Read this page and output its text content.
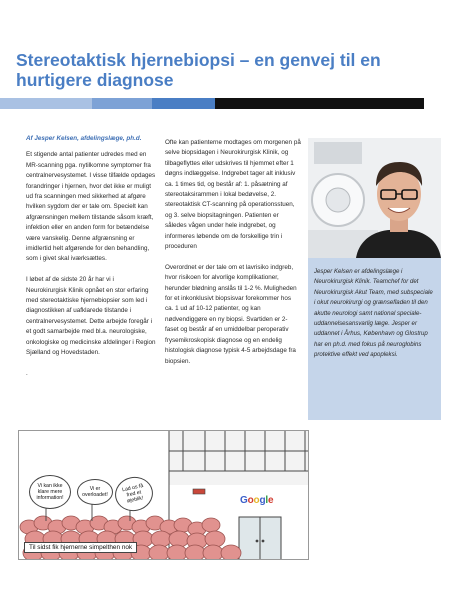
Stereotaktisk hjernebiopsi – en genvej til en hurtigere diagnose

Af Jesper Kelsen, afdelingslæge, ph.d.

Et stigende antal patienter udredes med en MR-scanning pga. nytilkomne symptomer fra centralnervesystemet. I visse tilfælde opdages forandringer i hjernen, hvor det ikke er muligt ud fra scanningen med sikkerhed at afgøre hvilken sygdom der er tale om. Specielt kan afgrænsningen mellem tilstande såsom kræft, infektion eller en anden form for betændelse være vanskelig. Denne afgrænsning er imidlertid helt afgørende for den behandling, som i givet skal iværksættes.

I løbet af de sidste 20 år har vi i Neurokirurgisk Klinik opnået en stor erfaring med stereotaktiske hjernebiopsier som led i diagnostikken af uafklarede tilstande i centralnervesystemet. Dette arbejde foregår i et godt samarbejde med bl.a. neurologiske, onkologiske og medicinske afdelinger i Region Sjælland og Hovedstaden.

.

Ofte kan patienterne modtages om morgenen på selve biopsidagen i Neurokirurgisk Klinik, og tilbageflyttes eller udskrives til hjemmet efter 1 døgns indlæggelse. Indgrebet tager alt inklusiv ca. 1 times tid, og består af: 1. påsætning af stereotaksirammen i lokal bedøvelse, 2. stereotaktisk CT-scanning på operationsstuen, og 3. selve biopsitagningen. Patienten er således vågen under hele indgrebet, og informeres løbende om de forskellige trin i proceduren

Overordnet er der tale om et lavrisiko indgreb, hvor risikoen for alvorlige komplikationer, herunder blødning anslås til 1-2 %. Muligheden for et inkonklusivt biopsisvar forekommer hos ca. 1 ud af 10-12 patienter, og kan nødvendiggøre en ny biopsi. Svartiden er 2-faset og består af en umiddelbar peroperativ frysemikroskopisk diagnose og en endelig histologisk diagnose typisk 4-5 arbejdsdage fra biopsien.

Jesper Kelsen er afdelingslæge i Neurokirurgisk Klinik. Teamchef for det Neurokirurgisk Akut Team, med subspeciale i okut neurokirurgi og grænsefladen til den akutte neurologi samt national speciale-uddannelsesansvarlig læge. Jesper er uddannet i Århus, København og Glostrup har en ph.d. med fokus på neuroglobins protektive effekt ved apopleksi.

Vi kan ikke klare mere information!
Vi er overloadet!
Lad os få fred et øjeblik!	Google
Til sidst fik hjernerne simpelthen nok
